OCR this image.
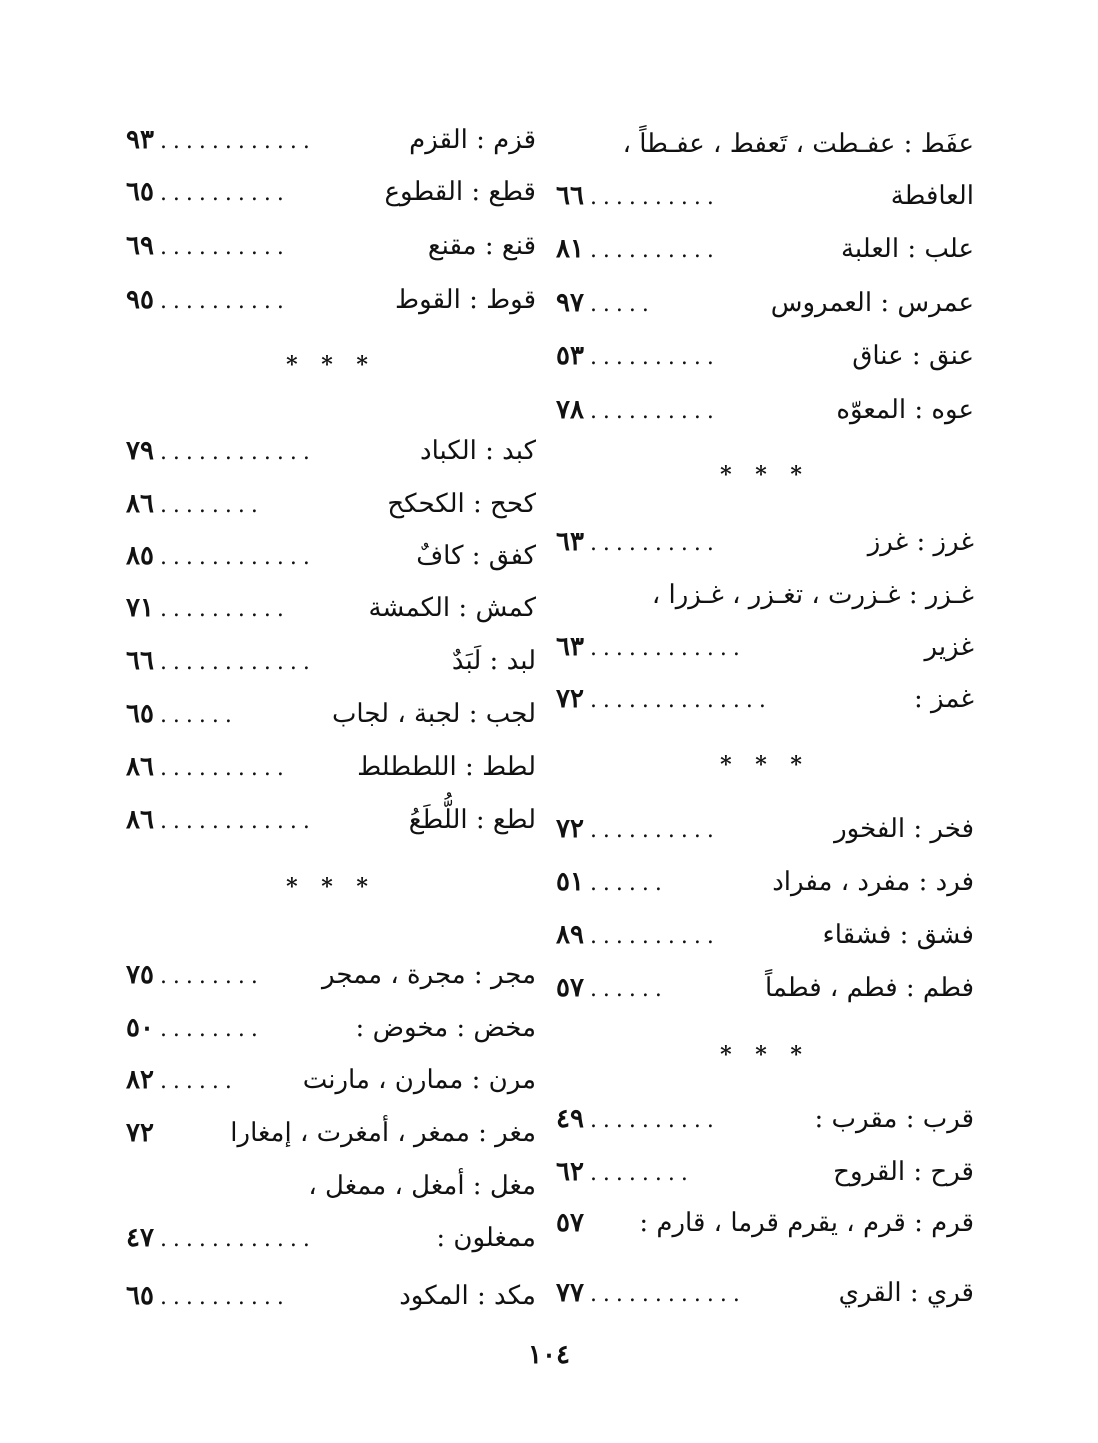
عفَط : عفـطت ، تَعفط ، عفـطاً ،
العافطة
..........
٦٦
علب : العلبة
..........
٨١
عمرس : العمروس
.....
٩٧
عنق : عناق
..........
٥٣
عوه : المعوّه
..........
٧٨
* * *
غرز : غرز
..........
٦٣
غـزر : غـزرت ، تغـزر ، غـزرا ،
غزير
............
٦٣
غمز :
..............
٧٢
* * *
فخر : الفخور
..........
٧٢
فرد : مفرد ، مفراد
......
٥١
فشق : فشقاء
..........
٨٩
فطم : فطم ، فطماً
......
٥٧
* * *
قرب : مقرب :
..........
٤٩
قرح : القروح
........
٦٢
قرم : قرم ، يقرم قرما ، قارم :
٥٧
قري : القري
............
٧٧
قزم : القزم
............
٩٣
قطع : القطوع
..........
٦٥
قنع : مقنع
..........
٦٩
قوط : القوط
..........
٩٥
* * *
كبد : الكباد
............
٧٩
كحح : الكحكح
........
٨٦
كفق : كافٌ
............
٨٥
كمش : الكمشة
..........
٧١
لبد : لَبَدٌ
............
٦٦
لجب : لجبة ، لجاب
......
٦٥
لطط : اللططلط
..........
٨٦
لطع : اللُّطَعُ
............
٨٦
* * *
مجر : مجرة ، ممجر
........
٧٥
مخض : مخوض :
........
٥٠
مرن : ممارن ، مارنت
......
٨٢
مغر : ممغر ، أمغرت ، إمغارا
٧٢
مغل : أمغل ، ممغل ،
ممغلون :
............
٤٧
مكد : المكود
..........
٦٥
١٠٤
